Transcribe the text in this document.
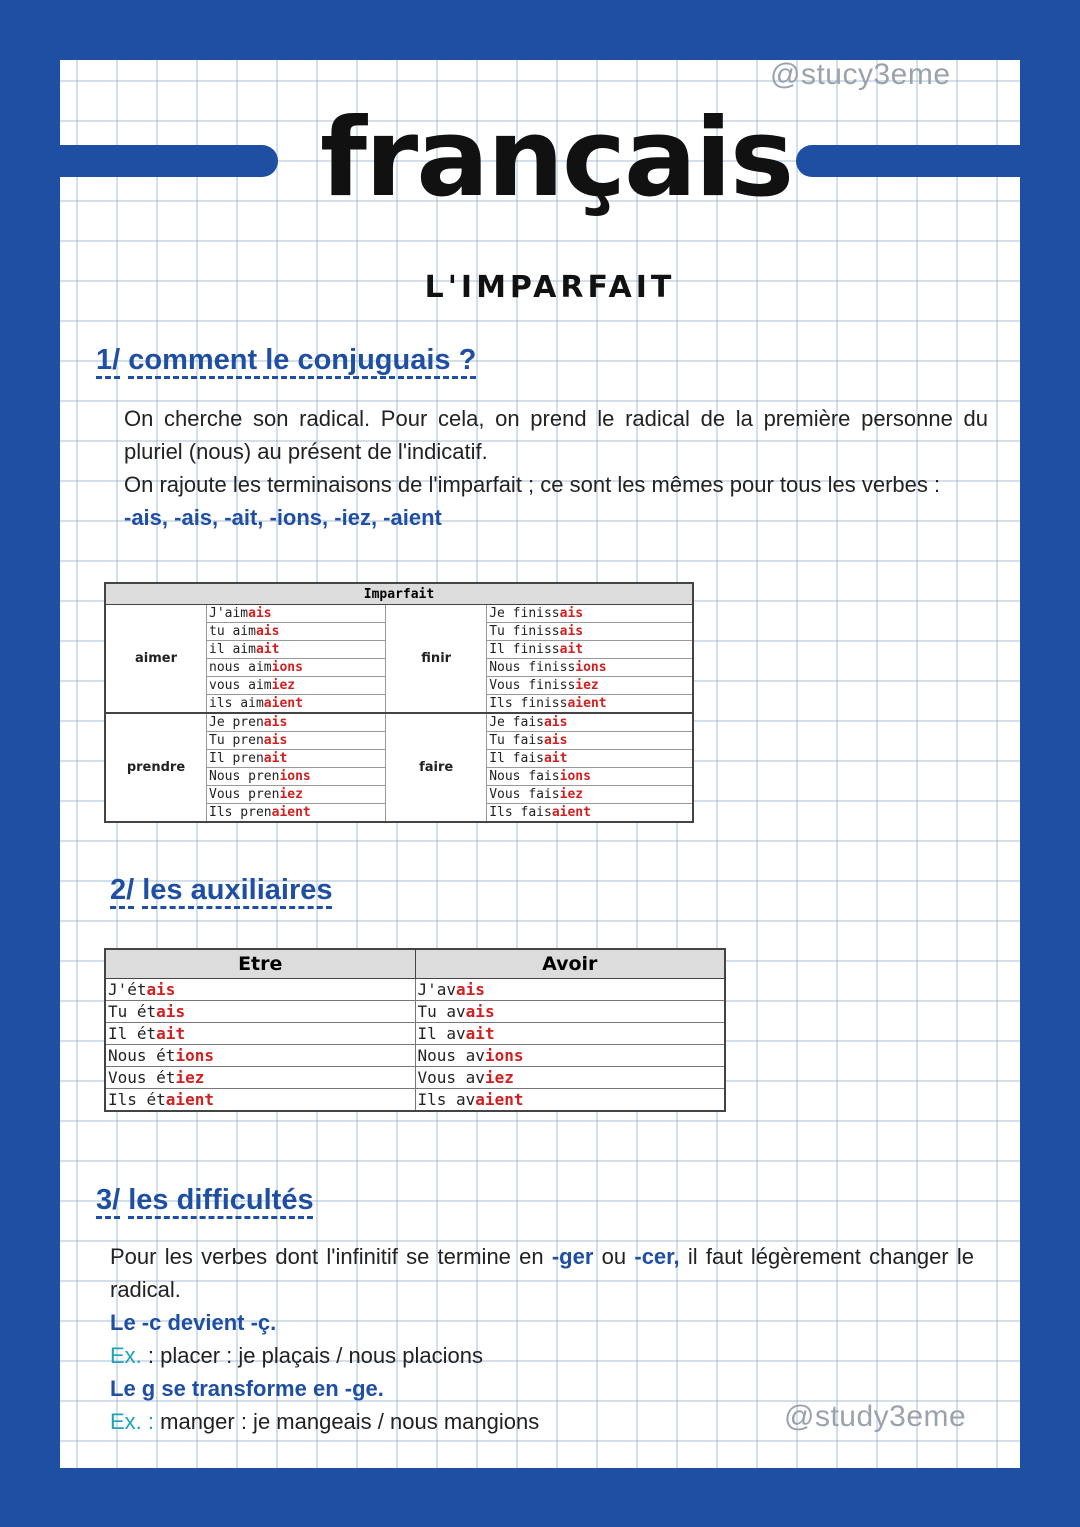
@stucy3eme
français
L'IMPARFAIT
1/ comment le conjuguais ?

On cherche son radical. Pour cela, on prend le radical de la première personne du pluriel (nous) au présent de l'indicatif.

On rajoute les terminaisons de l'imparfait ; ce sont les mêmes pour tous les verbes :

-ais, -ais, -ait, -ions, -iez, -aient

Imparfait			
aimer	J'aimais	finir	Je finissais
	tu aimais		Tu finissais
	il aimait		Il finissait
	nous aimions		Nous finissions
	vous aimiez		Vous finissiez
	ils aimaient		Ils finissaient
prendre	Je prenais	faire	Je faisais
	Tu prenais		Tu faisais
	Il prenait		Il faisait
	Nous prenions		Nous faisions
	Vous preniez		Vous faisiez
	Ils prenaient		Ils faisaient
2/ les auxiliaires
Etre	Avoir
J'étais	J'avais
Tu étais	Tu avais
Il était	Il avait
Nous étions	Nous avions
Vous étiez	Vous aviez
Ils étaient	Ils avaient
3/ les difficultés

Pour les verbes dont l'infinitif se termine en -ger ou -cer, il faut légèrement changer le radical.

Le -c devient -ç.

Ex. : placer : je plaçais / nous placions

Le g se transforme en -ge.

Ex. : manger : je mangeais / nous mangions	@study3eme
